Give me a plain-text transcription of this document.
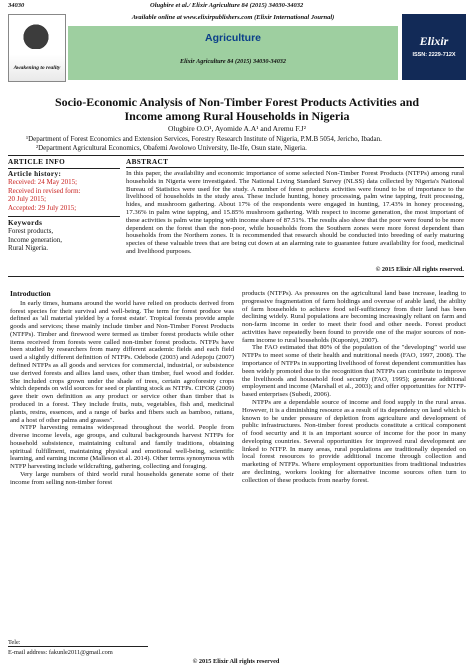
34030	Olugbire et al./ Elixir Agriculture 84 (2015) 34030-34032
Awakening to reality
Available online at www.elixirpublishers.com (Elixir International Journal)
Agriculture
Elixir Agriculture 84 (2015) 34030-34032
Elixir
ISSN: 2229-712X
Socio-Economic Analysis of Non-Timber Forest Products Activities and
Income among Rural Households in Nigeria
Olugbire O.O¹, Ayomide A.A¹ and Aremu F.J²
¹Department of Forest Economics and Extension Services, Forestry Research Institute of Nigeria, P.M.B 5054, Jericho, Ibadan.
²Department Agricultural Economics, Obafemi Awolowo University, Ile-Ife, Osun state, Nigeria.
ARTICLE INFO
Article history:
Received: 24 May 2015;
Received in revised form:
20 July 2015;
Accepted: 29 July 2015;
Keywords
Forest products,
Income generation,
Rural Nigeria.
ABSTRACT
In this paper, the availability and economic importance of some selected Non-Timber Forest Products (NTFPs) among rural households in Nigeria were investigated. The National Living Standard Survey (NLSS) data collected by Nigeria's National Bureau of Statistics were used for the study. A number of forest products activities were found to be of importance to the livelihood of households in the study area. These include hunting, honey processing, palm wine tapping, fruit processing, hides, and mushroom gathering. About 17% of the respondents were engaged in hunting, 17.43% in honey processing, 17.36% in palm wine tapping, and 15.85% mushroom gathering. With respect to income generation, the most important of these activities is palm wine tapping with income share of 87.51%. The results also show that the poor were found to be more dependent on the forest than the non-poor, while households from the Southern zones were more forest dependent than households from the Northern zones. It is recommended that research should be conducted into breeding of early maturing species of these valuable trees that are being cut down at an alarming rate to guarantee future availability for food, medicinal and livelihood purposes.
© 2015 Elixir All rights reserved.
Introduction

In early times, humans around the world have relied on products derived from forest species for their survival and well-being. The term for forest produce was defined as 'all material yielded by a forest estate'. Tropical forests provide ample goods and services; these mainly include timber and Non-Timber Forest Products (NTFPs). Timber and firewood were termed as timber forest products while other items received from forests were called non-timber forest products. NTFPs have been studied by researchers from many different academic fields and each field used a slightly different definition of NTFPs. Odebode (2003) and Adepoju (2007) defined NTFPs as all goods and services for commercial, industrial, or subsistence use derived forests and allies land uses, other than timber, fuel wood and fodder. She included crops grown under the shade of trees, certain agroforestry crops which depends on wild sources for seed or planting stock as NTFPs. CIFOR (2009) gave their own definition as any product or service other than timber that is produced in a forest. They include fruits, nuts, vegetables, fish and, medicinal plants, resins, essences, and a range of barks and fibers such as bamboo, rattans, and a host of other palms and grasses".

NTFP harvesting remains widespread throughout the world. People from diverse income levels, age groups, and cultural backgrounds harvest NTFPs for household subsistence, maintaining cultural and family traditions, obtaining spiritual fulfillment, maintaining physical and emotional well-being, scientific learning, and earning income (Malleson et al. 2014). Other terms synonymous with NTFP harvesting include wildcrafting, gathering, collecting and foraging.

Very large numbers of third world rural households generate some of their income from selling non-timber forest

products (NTFPs). As pressures on the agricultural land base increase, leading to progressive fragmentation of farm holdings and overuse of arable land, the ability of farm households to achieve food self-sufficiency from their land has been declining widely. Rural populations are becoming increasingly reliant on farm and non-farm income in order to meet their food and other needs. Forest product activities have repeatedly been found to provide one of the major sources of non-farm income to rural households (Kuponiyi, 2007).

The FAO estimated that 80% of the population of the "developing" world use NTFPs to meet some of their health and nutritional needs (FAO, 1997, 2008). The importance of NTFPs in supporting livelihood of forest dependent communities has been widely promoted due to the recognition that NTFPs can contribute to improve the livelihoods and household food security (FAO, 1995); generate additional employment and income (Marshall et al., 2003); and offer opportunities for NTFP-based enterprises (Subedi, 2006).

NTFPs are a dependable source of income and food supply in the rural areas. However, it is a diminishing resource as a result of its dependency on land which is known to be under pressure of depletion from agriculture and development of public infrastructures. Non-timber forest products constitute a critical component of food security and it is an important source of income for the poor in many developing countries. Several opportunities for improved rural development are linked to NTFP. In many areas, rural populations are traditionally depended on local forest resources to provide additional income through collection and marketing of NTFPs. Where employment opportunities from traditional industries are declining, workers looking for alternative income sources often turn to collection of these products from nearby forest.

Tele:
E-mail address: fakunle2011@gmail.com
© 2015 Elixir All rights reserved
